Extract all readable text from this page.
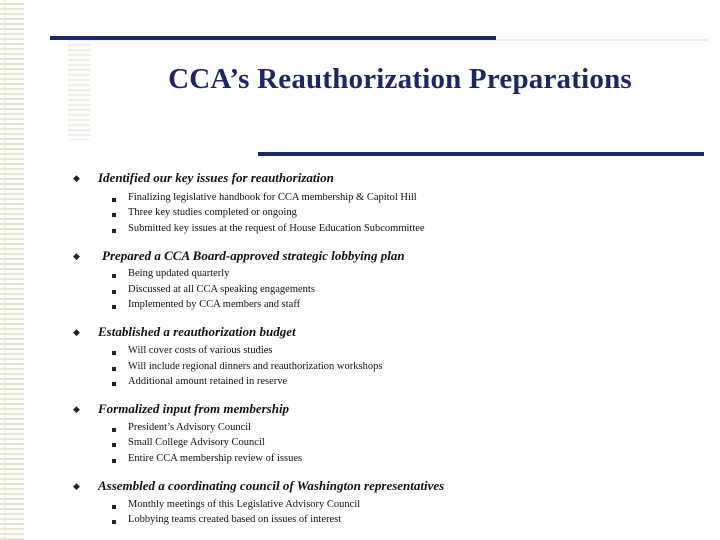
CCA’s Reauthorization Preparations
◆ Identified our key issues for reauthorization
Finalizing legislative handbook for CCA membership & Capitol Hill
Three key studies completed or ongoing
Submitted key issues at the request of House Education Subcommittee
◆ Prepared a CCA Board-approved strategic lobbying plan
Being updated quarterly
Discussed at all CCA speaking engagements
Implemented by CCA members and staff
◆ Established a reauthorization budget
Will cover costs of various studies
Will include regional dinners and reauthorization workshops
Additional amount retained in reserve
◆ Formalized input from membership
President’s Advisory Council
Small College Advisory Council
Entire CCA membership review of issues
◆ Assembled a coordinating council of Washington representatives
Monthly meetings of this Legislative Advisory Council
Lobbying teams created based on issues of interest
